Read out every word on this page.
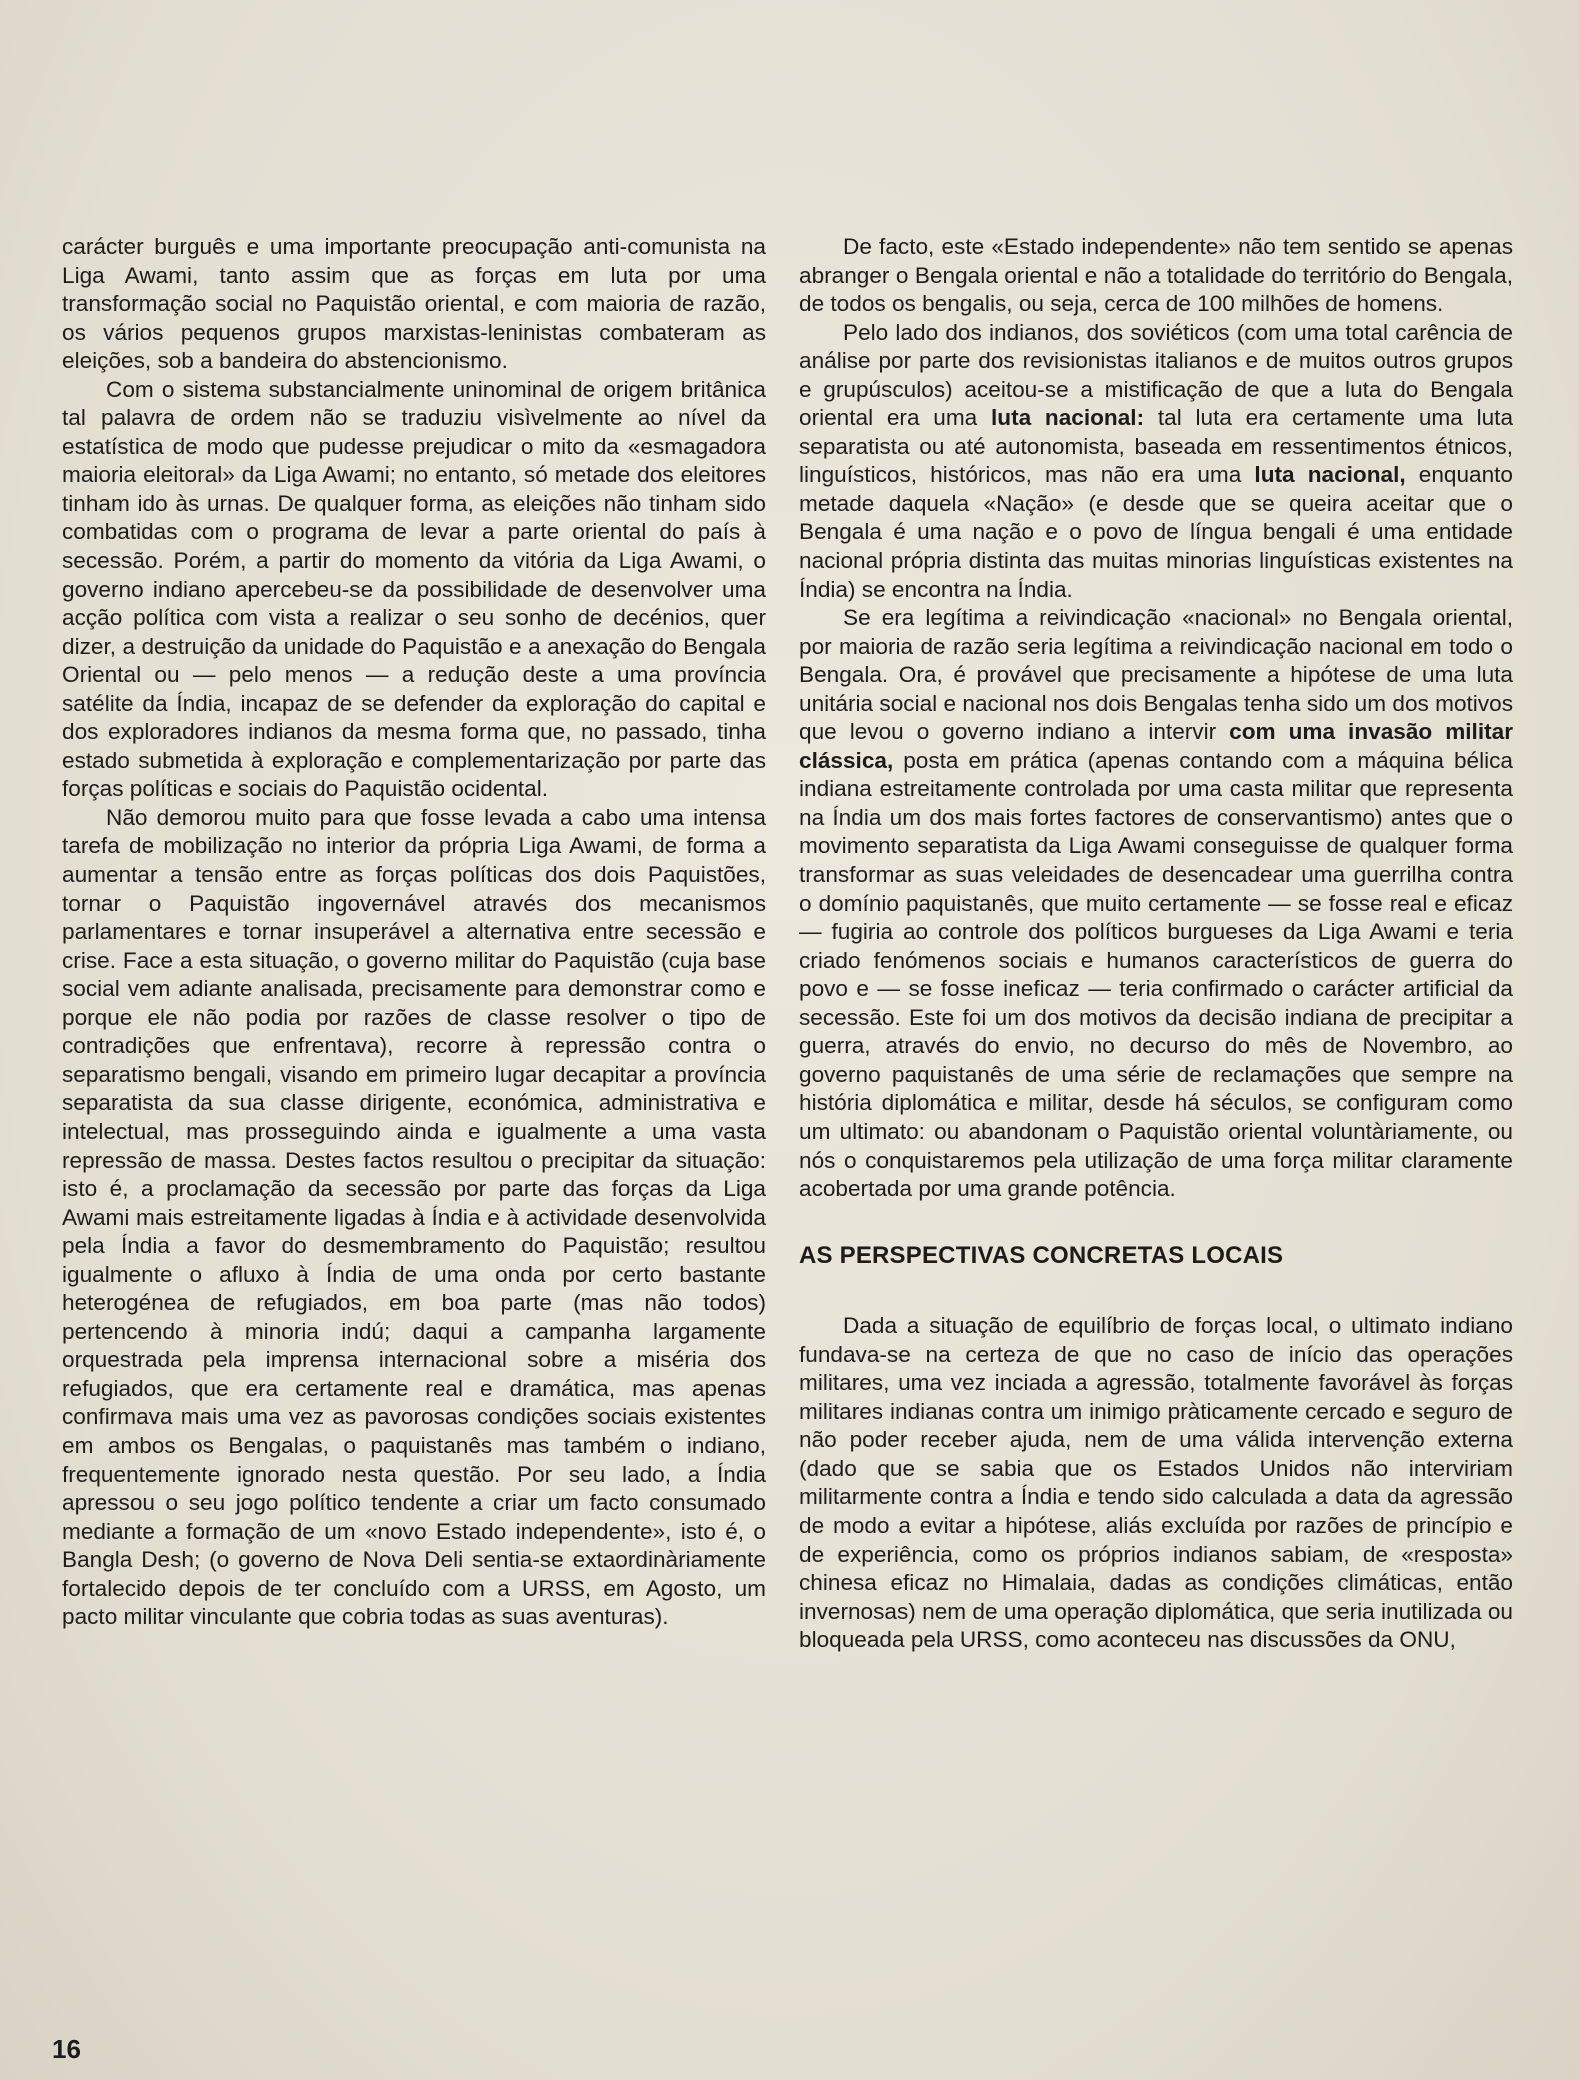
carácter burguês e uma importante preocupação anti-comunista na Liga Awami, tanto assim que as forças em luta por uma transformação social no Paquistão oriental, e com maioria de razão, os vários pequenos grupos marxistas-leninistas combateram as eleições, sob a bandeira do abstencionismo.

Com o sistema substancialmente uninominal de origem britânica tal palavra de ordem não se traduziu visìvelmente ao nível da estatística de modo que pudesse prejudicar o mito da «esmagadora maioria eleitoral» da Liga Awami; no entanto, só metade dos eleitores tinham ido às urnas. De qualquer forma, as eleições não tinham sido combatidas com o programa de levar a parte oriental do país à secessão. Porém, a partir do momento da vitória da Liga Awami, o governo indiano apercebeu-se da possibilidade de desenvolver uma acção política com vista a realizar o seu sonho de decénios, quer dizer, a destruição da unidade do Paquistão e a anexação do Bengala Oriental ou — pelo menos — a redução deste a uma província satélite da Índia, incapaz de se defender da exploração do capital e dos exploradores indianos da mesma forma que, no passado, tinha estado submetida à exploração e complementarização por parte das forças políticas e sociais do Paquistão ocidental.

Não demorou muito para que fosse levada a cabo uma intensa tarefa de mobilização no interior da própria Liga Awami, de forma a aumentar a tensão entre as forças políticas dos dois Paquistões, tornar o Paquistão ingovernável através dos mecanismos parlamentares e tornar insuperável a alternativa entre secessão e crise. Face a esta situação, o governo militar do Paquistão (cuja base social vem adiante analisada, precisamente para demonstrar como e porque ele não podia por razões de classe resolver o tipo de contradições que enfrentava), recorre à repressão contra o separatismo bengali, visando em primeiro lugar decapitar a província separatista da sua classe dirigente, económica, administrativa e intelectual, mas prosseguindo ainda e igualmente a uma vasta repressão de massa. Destes factos resultou o precipitar da situação: isto é, a proclamação da secessão por parte das forças da Liga Awami mais estreitamente ligadas à Índia e à actividade desenvolvida pela Índia a favor do desmembramento do Paquistão; resultou igualmente o afluxo à Índia de uma onda por certo bastante heterogénea de refugiados, em boa parte (mas não todos) pertencendo à minoria indú; daqui a campanha largamente orquestrada pela imprensa internacional sobre a miséria dos refugiados, que era certamente real e dramática, mas apenas confirmava mais uma vez as pavorosas condições sociais existentes em ambos os Bengalas, o paquistanês mas também o indiano, frequentemente ignorado nesta questão. Por seu lado, a Índia apressou o seu jogo político tendente a criar um facto consumado mediante a formação de um «novo Estado independente», isto é, o Bangla Desh; (o governo de Nova Deli sentia-se extaordinàriamente fortalecido depois de ter concluído com a URSS, em Agosto, um pacto militar vinculante que cobria todas as suas aventuras).

De facto, este «Estado independente» não tem sentido se apenas abranger o Bengala oriental e não a totalidade do território do Bengala, de todos os bengalis, ou seja, cerca de 100 milhões de homens.

Pelo lado dos indianos, dos soviéticos (com uma total carência de análise por parte dos revisionistas italianos e de muitos outros grupos e grupúsculos) aceitou-se a mistificação de que a luta do Bengala oriental era uma luta nacional: tal luta era certamente uma luta separatista ou até autonomista, baseada em ressentimentos étnicos, linguísticos, históricos, mas não era uma luta nacional, enquanto metade daquela «Nação» (e desde que se queira aceitar que o Bengala é uma nação e o povo de língua bengali é uma entidade nacional própria distinta das muitas minorias linguísticas existentes na Índia) se encontra na Índia.

Se era legítima a reivindicação «nacional» no Bengala oriental, por maioria de razão seria legítima a reivindicação nacional em todo o Bengala. Ora, é provável que precisamente a hipótese de uma luta unitária social e nacional nos dois Bengalas tenha sido um dos motivos que levou o governo indiano a intervir com uma invasão militar clássica, posta em prática (apenas contando com a máquina bélica indiana estreitamente controlada por uma casta militar que representa na Índia um dos mais fortes factores de conservantismo) antes que o movimento separatista da Liga Awami conseguisse de qualquer forma transformar as suas veleidades de desencadear uma guerrilha contra o domínio paquistanês, que muito certamente — se fosse real e eficaz — fugiria ao controle dos políticos burgueses da Liga Awami e teria criado fenómenos sociais e humanos característicos de guerra do povo e — se fosse ineficaz — teria confirmado o carácter artificial da secessão. Este foi um dos motivos da decisão indiana de precipitar a guerra, através do envio, no decurso do mês de Novembro, ao governo paquistanês de uma série de reclamações que sempre na história diplomática e militar, desde há séculos, se configuram como um ultimato: ou abandonam o Paquistão oriental voluntàriamente, ou nós o conquistaremos pela utilização de uma força militar claramente acobertada por uma grande potência.

AS PERSPECTIVAS CONCRETAS LOCAIS

Dada a situação de equilíbrio de forças local, o ultimato indiano fundava-se na certeza de que no caso de início das operações militares, uma vez inciada a agressão, totalmente favorável às forças militares indianas contra um inimigo pràticamente cercado e seguro de não poder receber ajuda, nem de uma válida intervenção externa (dado que se sabia que os Estados Unidos não interviriam militarmente contra a Índia e tendo sido calculada a data da agressão de modo a evitar a hipótese, aliás excluída por razões de princípio e de experiência, como os próprios indianos sabiam, de «resposta» chinesa eficaz no Himalaia, dadas as condições climáticas, então invernosas) nem de uma operação diplomática, que seria inutilizada ou bloqueada pela URSS, como aconteceu nas discussões da ONU,

16
